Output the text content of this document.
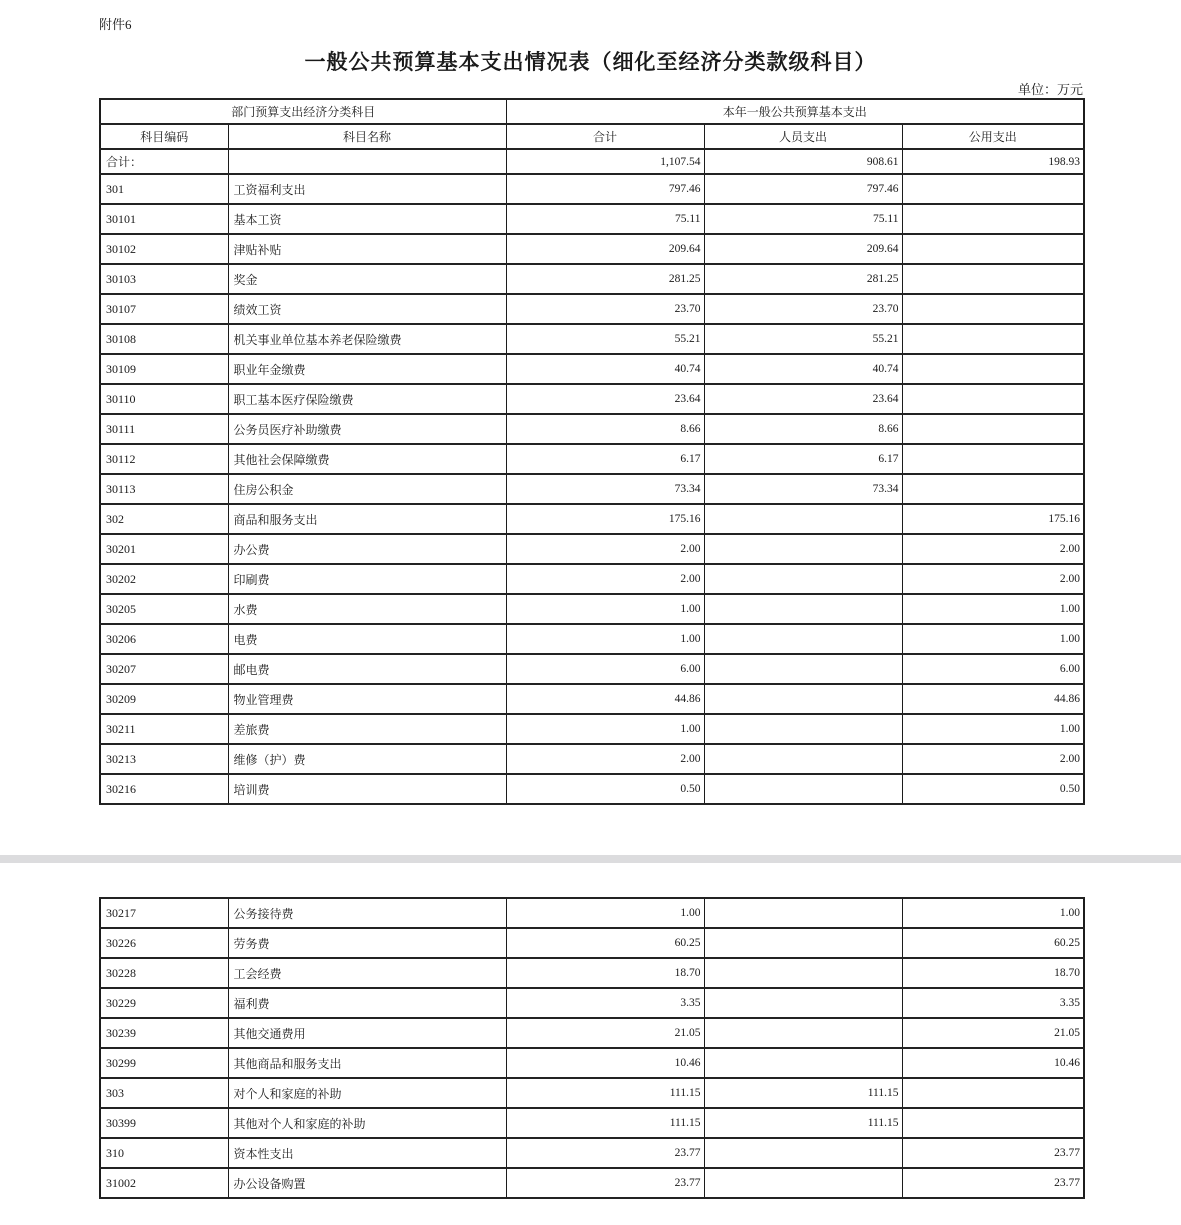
附件6
一般公共预算基本支出情况表（细化至经济分类款级科目）
单位：万元
部门预算支出经济分类科目		本年一般公共预算基本支出		
科目编码	科目名称	合计	人员支出	公用支出
合计：		1,107.54	908.61	198.93
301	工资福利支出	797.46	797.46	
30101	基本工资	75.11	75.11	
30102	津贴补贴	209.64	209.64	
30103	奖金	281.25	281.25	
30107	绩效工资	23.70	23.70	
30108	机关事业单位基本养老保险缴费	55.21	55.21	
30109	职业年金缴费	40.74	40.74	
30110	职工基本医疗保险缴费	23.64	23.64	
30111	公务员医疗补助缴费	8.66	8.66	
30112	其他社会保障缴费	6.17	6.17	
30113	住房公积金	73.34	73.34	
302	商品和服务支出	175.16		175.16
30201	办公费	2.00		2.00
30202	印刷费	2.00		2.00
30205	水费	1.00		1.00
30206	电费	1.00		1.00
30207	邮电费	6.00		6.00
30209	物业管理费	44.86		44.86
30211	差旅费	1.00		1.00
30213	维修（护）费	2.00		2.00
30216	培训费	0.50		0.50
30217	公务接待费	1.00		1.00
30226	劳务费	60.25		60.25
30228	工会经费	18.70		18.70
30229	福利费	3.35		3.35
30239	其他交通费用	21.05		21.05
30299	其他商品和服务支出	10.46		10.46
303	对个人和家庭的补助	111.15	111.15	
30399	其他对个人和家庭的补助	111.15	111.15	
310	资本性支出	23.77		23.77
31002	办公设备购置	23.77		23.77
